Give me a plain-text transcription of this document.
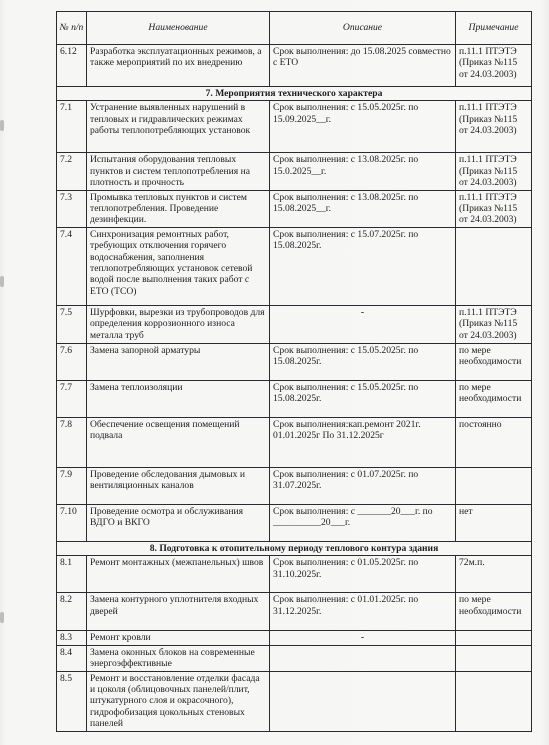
№ п/п	Наименование	Описание	Примечание
6.12	Разработка эксплуатационных режимов, а также мероприятий по их внедрению	Срок выполнения: до 15.08.2025 совместно с ЕТО	п.11.1 ПТЭТЭ (Приказ №115 от 24.03.2003)
7. Мероприятия технического характера			
7.1	Устранение выявленных нарушений в тепловых и гидравлических режимах работы теплопотребляющих установок	Срок выполнения: с 15.05.2025г. по 15.09.2025__г.	п.11.1 ПТЭТЭ (Приказ №115 от 24.03.2003)
7.2	Испытания оборудования тепловых пунктов и систем теплопотребления на плотность и прочность	Срок выполнения: с 13.08.2025г. по 15.0.2025__г.	п.11.1 ПТЭТЭ (Приказ №115 от 24.03.2003)
7.3	Промывка тепловых пунктов и систем теплопотребления. Проведение дезинфекции.	Срок выполнения: с 13.08.2025г. по 15.08.2025__г.	п.11.1 ПТЭТЭ (Приказ №115 от 24.03.2003)
7.4	Синхронизация ремонтных работ, требующих отключения горячего водоснабжения, заполнения теплопотребляющих установок сетевой водой после выполнения таких работ с ЕТО (ТСО)	Срок выполнения: с 15.07.2025г. по 15.08.2025г.	
7.5	Шурфовки, вырезки из трубопроводов для определения коррозионного износа металла труб	-	п.11.1 ПТЭТЭ (Приказ №115 от 24.03.2003)
7.6	Замена запорной арматуры	Срок выполнения: с 15.05.2025г. по 15.08.2025г.	по мере необходимости
7.7	Замена теплоизоляции	Срок выполнения: с 15.05.2025г. по 15.08.2025г.	по мере необходимости
7.8	Обеспечение освещения помещений подвала	Срок выполнения:кап.ремонт 2021г. 01.01.2025г По 31.12.2025г	постоянно
7.9	Проведение обследования дымовых и вентиляционных каналов	Срок выполнения: с 01.07.2025г. по 31.07.2025г.	
7.10	Проведение осмотра и обслуживания ВДГО и ВКГО	Срок выполнения: с _______20___г. по __________20___г.	нет
8. Подготовка к отопительному периоду теплового контура здания			
8.1	Ремонт монтажных (межпанельных) швов	Срок выполнения: с 01.05.2025г. по 31.10.2025г.	72м.п.
8.2	Замена контурного уплотнителя входных дверей	Срок выполнения: с 01.01.2025г. по 31.12.2025г.	по мере необходимости
8.3	Ремонт кровли	-	
8.4	Замена оконных блоков на современные энергоэффективные		
8.5	Ремонт и восстановление отделки фасада и цоколя (облицовочных панелей/плит, штукатурного слоя и окрасочного), гидрофобизация цокольных стеновых панелей		
